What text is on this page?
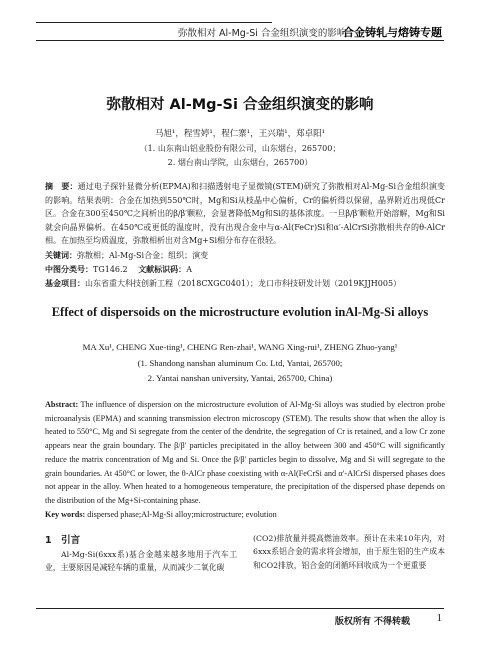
弥散相对 Al-Mg-Si 合金组织演变的影响
合金铸轧与熔铸专题
弥散相对 Al-Mg-Si 合金组织演变的影响
马旭¹，程雪婷¹，程仁寨¹，王兴瑞¹，郑卓阳¹
（1. 山东南山铝业股份有限公司，山东烟台，265700；
2. 烟台南山学院，山东烟台，265700）
摘　要：通过电子探针显微分析(EPMA)和扫描透射电子显微镜(STEM)研究了弥散相对Al-Mg-Si合金组织演变的影响。结果表明：合金在加热到550℃时，Mg和Si从枝晶中心偏析，Cr的偏析得以保留，晶界附近出现低Cr区。合金在300至450℃之间析出的β/β′颗粒，会显著降低Mg和Si的基体浓度。一旦β/β′颗粒开始溶解，Mg和Si就会向晶界偏析。在450℃或更低的温度时，没有出现合金中与α-Al(FeCr)Si和α′-AlCrSi弥散相共存的θ-AlCr相。在加热至均质温度，弥散相析出对含Mg+Si相分布存在很轻。
关键词：弥散相；Al-Mg-Si合金；组织；演变
中图分类号：TG146.2 文献标识码：A
基金项目：山东省重大科技创新工程（2018CXGC0401）；龙口市科技研发计划（2019KJJH005）
Effect of dispersoids on the microstructure evolution inAl-Mg-Si alloys
MA Xu¹, CHENG Xue-ting¹, CHENG Ren-zhai¹, WANG Xing-rui¹, ZHENG Zhuo-yang¹
(1. Shandong nanshan aluminum Co. Ltd, Yantai, 265700;
2. Yantai nanshan university, Yantai, 265700, China)
Abstract: The influence of dispersion on the microstructure evolution of Al-Mg-Si alloys was studied by electron probe microanalysis (EPMA) and scanning transmission electron microscopy (STEM). The results show that when the alloy is heated to 550°C, Mg and Si segregate from the center of the dendrite, the segregation of Cr is retained, and a low Cr zone appears near the grain boundary. The β/β′ particles precipitated in the alloy between 300 and 450°C will significantly reduce the matrix concentration of Mg and Si. Once the β/β′ particles begin to dissolve, Mg and Si will segregate to the grain boundaries. At 450°C or lower, the θ-AlCr phase coexisting with α-Al(FeCrSi and α′-AlCrSi dispersed phases does not appear in the alloy. When heated to a homogeneous temperature, the precipitation of the dispersed phase depends on the distribution of the Mg+Si-containing phase.
Key words: dispersed phase;Al-Mg-Si alloy;microstructure; evolution
1　引言
Al-Mg-Si(6xxx系)基合金越来越多地用于汽车工业，主要原因是减轻车辆的重量，从而减少二氧化碳
(CO2)排放量并提高燃油效率。预计在未来10年内，对6xxx系铝合金的需求将会增加，由于原生铝的生产成本和CO2排放，铝合金的闭循环回收成为一个更重要
版权所有 不得转载 1
